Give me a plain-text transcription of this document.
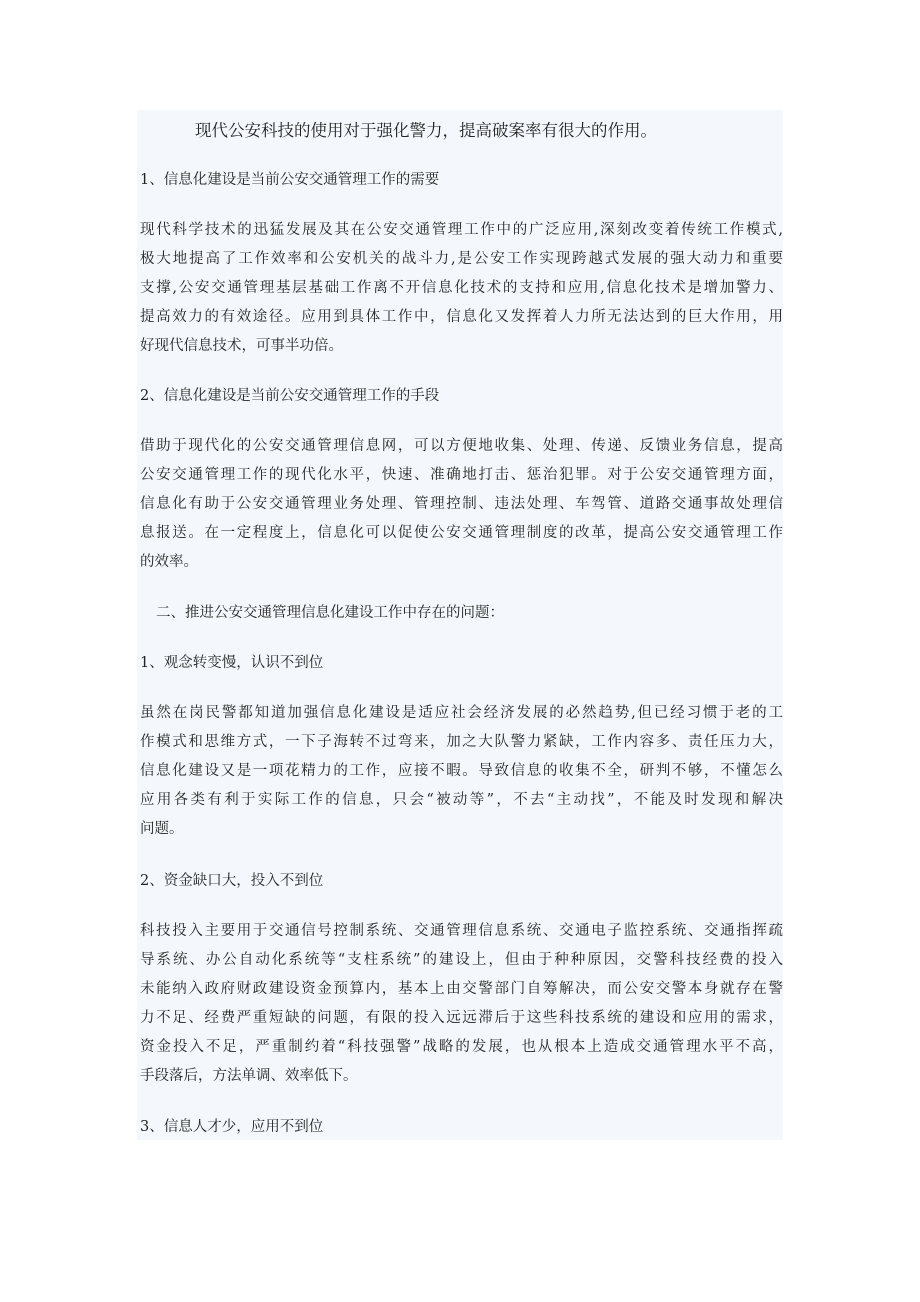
现代公安科技的使用对于强化警力，提高破案率有很大的作用。
1、信息化建设是当前公安交通管理工作的需要
现代科学技术的迅猛发展及其在公安交通管理工作中的广泛应用,深刻改变着传统工作模式,
极大地提高了工作效率和公安机关的战斗力,是公安工作实现跨越式发展的强大动力和重要
支撑,公安交通管理基层基础工作离不开信息化技术的支持和应用,信息化技术是增加警力、
提高效力的有效途径。应用到具体工作中，信息化又发挥着人力所无法达到的巨大作用，用
好现代信息技术，可事半功倍。
2、信息化建设是当前公安交通管理工作的手段
借助于现代化的公安交通管理信息网，可以方便地收集、处理、传递、反馈业务信息，提高
公安交通管理工作的现代化水平，快速、准确地打击、惩治犯罪。对于公安交通管理方面，
信息化有助于公安交通管理业务处理、管理控制、违法处理、车驾管、道路交通事故处理信
息报送。在一定程度上，信息化可以促使公安交通管理制度的改革，提高公安交通管理工作
的效率。
二、推进公安交通管理信息化建设工作中存在的问题：
1、观念转变慢，认识不到位
虽然在岗民警都知道加强信息化建设是适应社会经济发展的必然趋势,但已经习惯于老的工
作模式和思维方式，一下子海转不过弯来，加之大队警力紧缺，工作内容多、责任压力大，
信息化建设又是一项花精力的工作，应接不暇。导致信息的收集不全，研判不够，不懂怎么
应用各类有利于实际工作的信息，只会“被动等”，不去“主动找”，不能及时发现和解决
问题。
2、资金缺口大，投入不到位
科技投入主要用于交通信号控制系统、交通管理信息系统、交通电子监控系统、交通指挥疏
导系统、办公自动化系统等“支柱系统”的建设上，但由于种种原因，交警科技经费的投入
未能纳入政府财政建设资金预算内，基本上由交警部门自筹解决，而公安交警本身就存在警
力不足、经费严重短缺的问题，有限的投入远远滞后于这些科技系统的建设和应用的需求，
资金投入不足，严重制约着“科技强警”战略的发展，也从根本上造成交通管理水平不高，
手段落后，方法单调、效率低下。
3、信息人才少，应用不到位
